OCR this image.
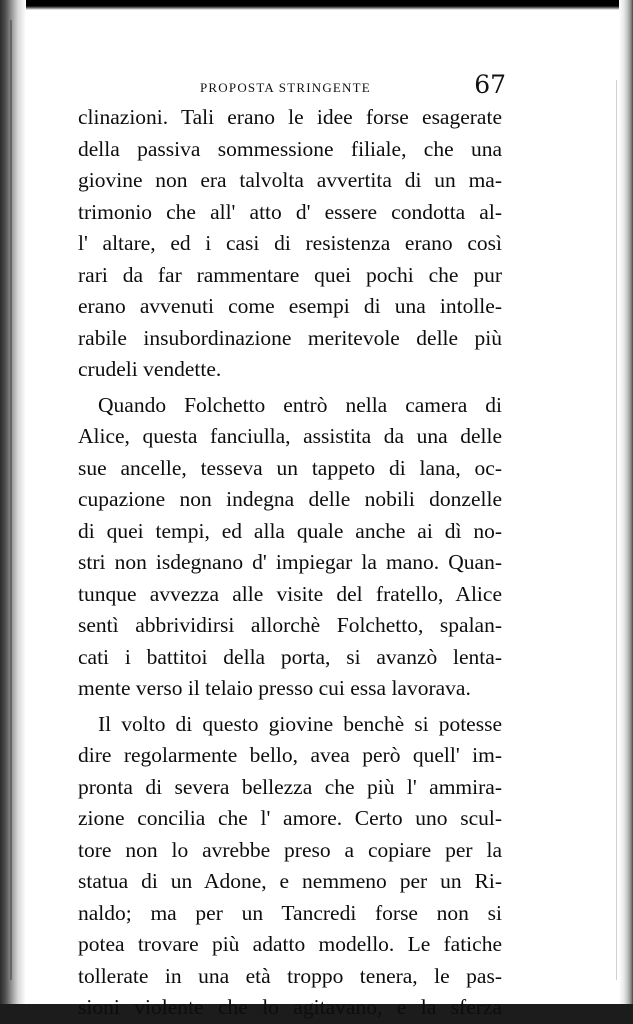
PROPOSTA STRINGENTE	67
clinazioni. Tali erano le idee forse esagerate
della passiva sommessione filiale, che una
giovine non era talvolta avvertita di un ma-
trimonio che all' atto d' essere condotta al-
l' altare, ed i casi di resistenza erano così
rari da far rammentare quei pochi che pur
erano avvenuti come esempi di una intolle-
rabile insubordinazione meritevole delle più
crudeli vendette.
Quando Folchetto entrò nella camera di
Alice, questa fanciulla, assistita da una delle
sue ancelle, tesseva un tappeto di lana, oc-
cupazione non indegna delle nobili donzelle
di quei tempi, ed alla quale anche ai dì no-
stri non isdegnano d' impiegar la mano. Quan-
tunque avvezza alle visite del fratello, Alice
sentì abbrividirsi allorchè Folchetto, spalan-
cati i battitoi della porta, si avanzò lenta-
mente verso il telaio presso cui essa lavorava.
Il volto di questo giovine benchè si potesse
dire regolarmente bello, avea però quell' im-
pronta di severa bellezza che più l' ammira-
zione concilia che l' amore. Certo uno scul-
tore non lo avrebbe preso a copiare per la
statua di un Adone, e nemmeno per un Ri-
naldo; ma per un Tancredi forse non si
potea trovare più adatto modello. Le fatiche
tollerate in una età troppo tenera, le pas-
sioni violente che lo agitavano, e la sferza
